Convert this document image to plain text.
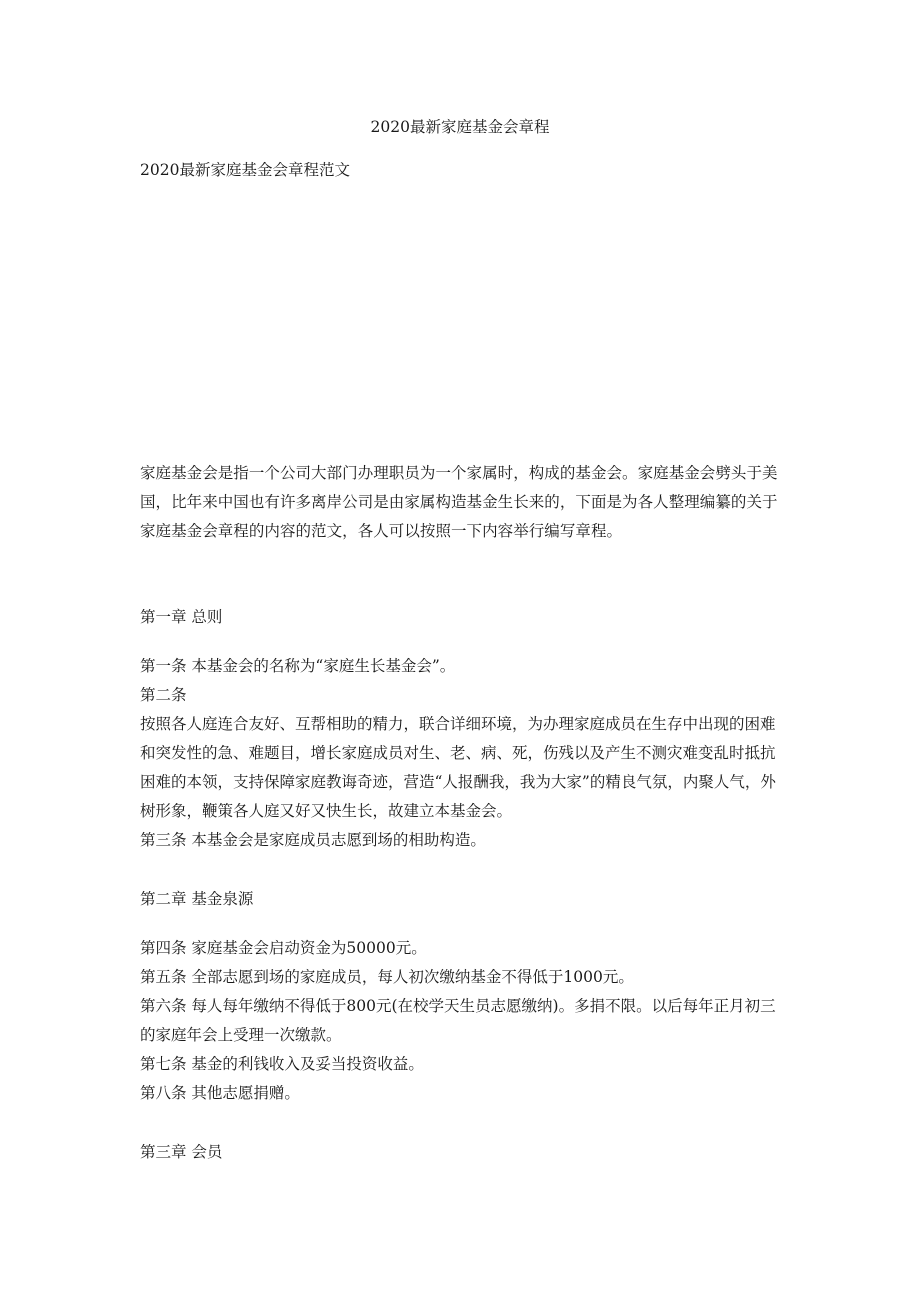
2020最新家庭基金会章程

2020最新家庭基金会章程范文

家庭基金会是指一个公司大部门办理职员为一个家属时，构成的基金会。家庭基金会劈头于美国，比年来中国也有许多离岸公司是由家属构造基金生长来的，下面是为各人整理编纂的关于家庭基金会章程的内容的范文，各人可以按照一下内容举行编写章程。

第一章 总则

第一条 本基金会的名称为“家庭生长基金会”。

第二条

按照各人庭连合友好、互帮相助的精力，联合详细环境，为办理家庭成员在生存中出现的困难和突发性的急、难题目，增长家庭成员对生、老、病、死，伤残以及产生不测灾难变乱时抵抗困难的本领，支持保障家庭教诲奇迹，营造“人报酬我，我为大家”的精良气氛，内聚人气，外树形象，鞭策各人庭又好又快生长，故建立本基金会。

第三条 本基金会是家庭成员志愿到场的相助构造。

第二章 基金泉源

第四条 家庭基金会启动资金为50000元。

第五条 全部志愿到场的家庭成员，每人初次缴纳基金不得低于1000元。

第六条 每人每年缴纳不得低于800元(在校学天生员志愿缴纳)。多捐不限。以后每年正月初三的家庭年会上受理一次缴款。

第七条 基金的利钱收入及妥当投资收益。

第八条 其他志愿捐赠。

第三章 会员
